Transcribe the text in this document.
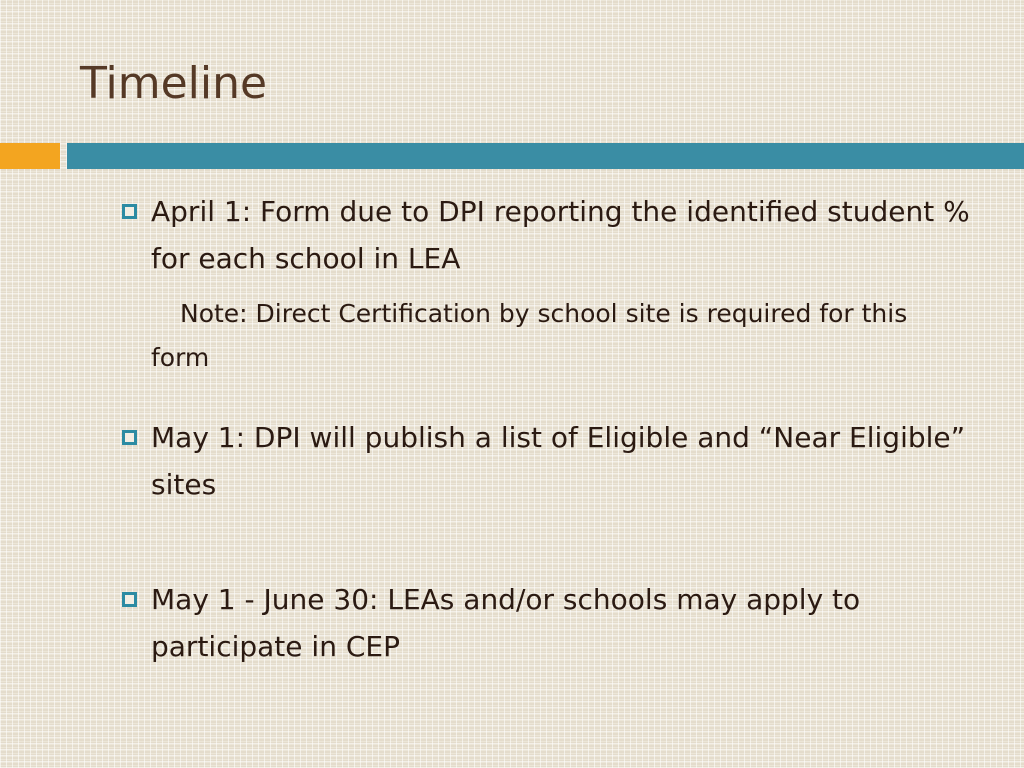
Timeline
April 1: Form due to DPI reporting the identified student % for each school in LEA
Note: Direct Certification by school site is required for this form
May 1: DPI will publish a list of Eligible and “Near Eligible” sites
May 1 - June 30: LEAs and/or schools may apply to participate in CEP
